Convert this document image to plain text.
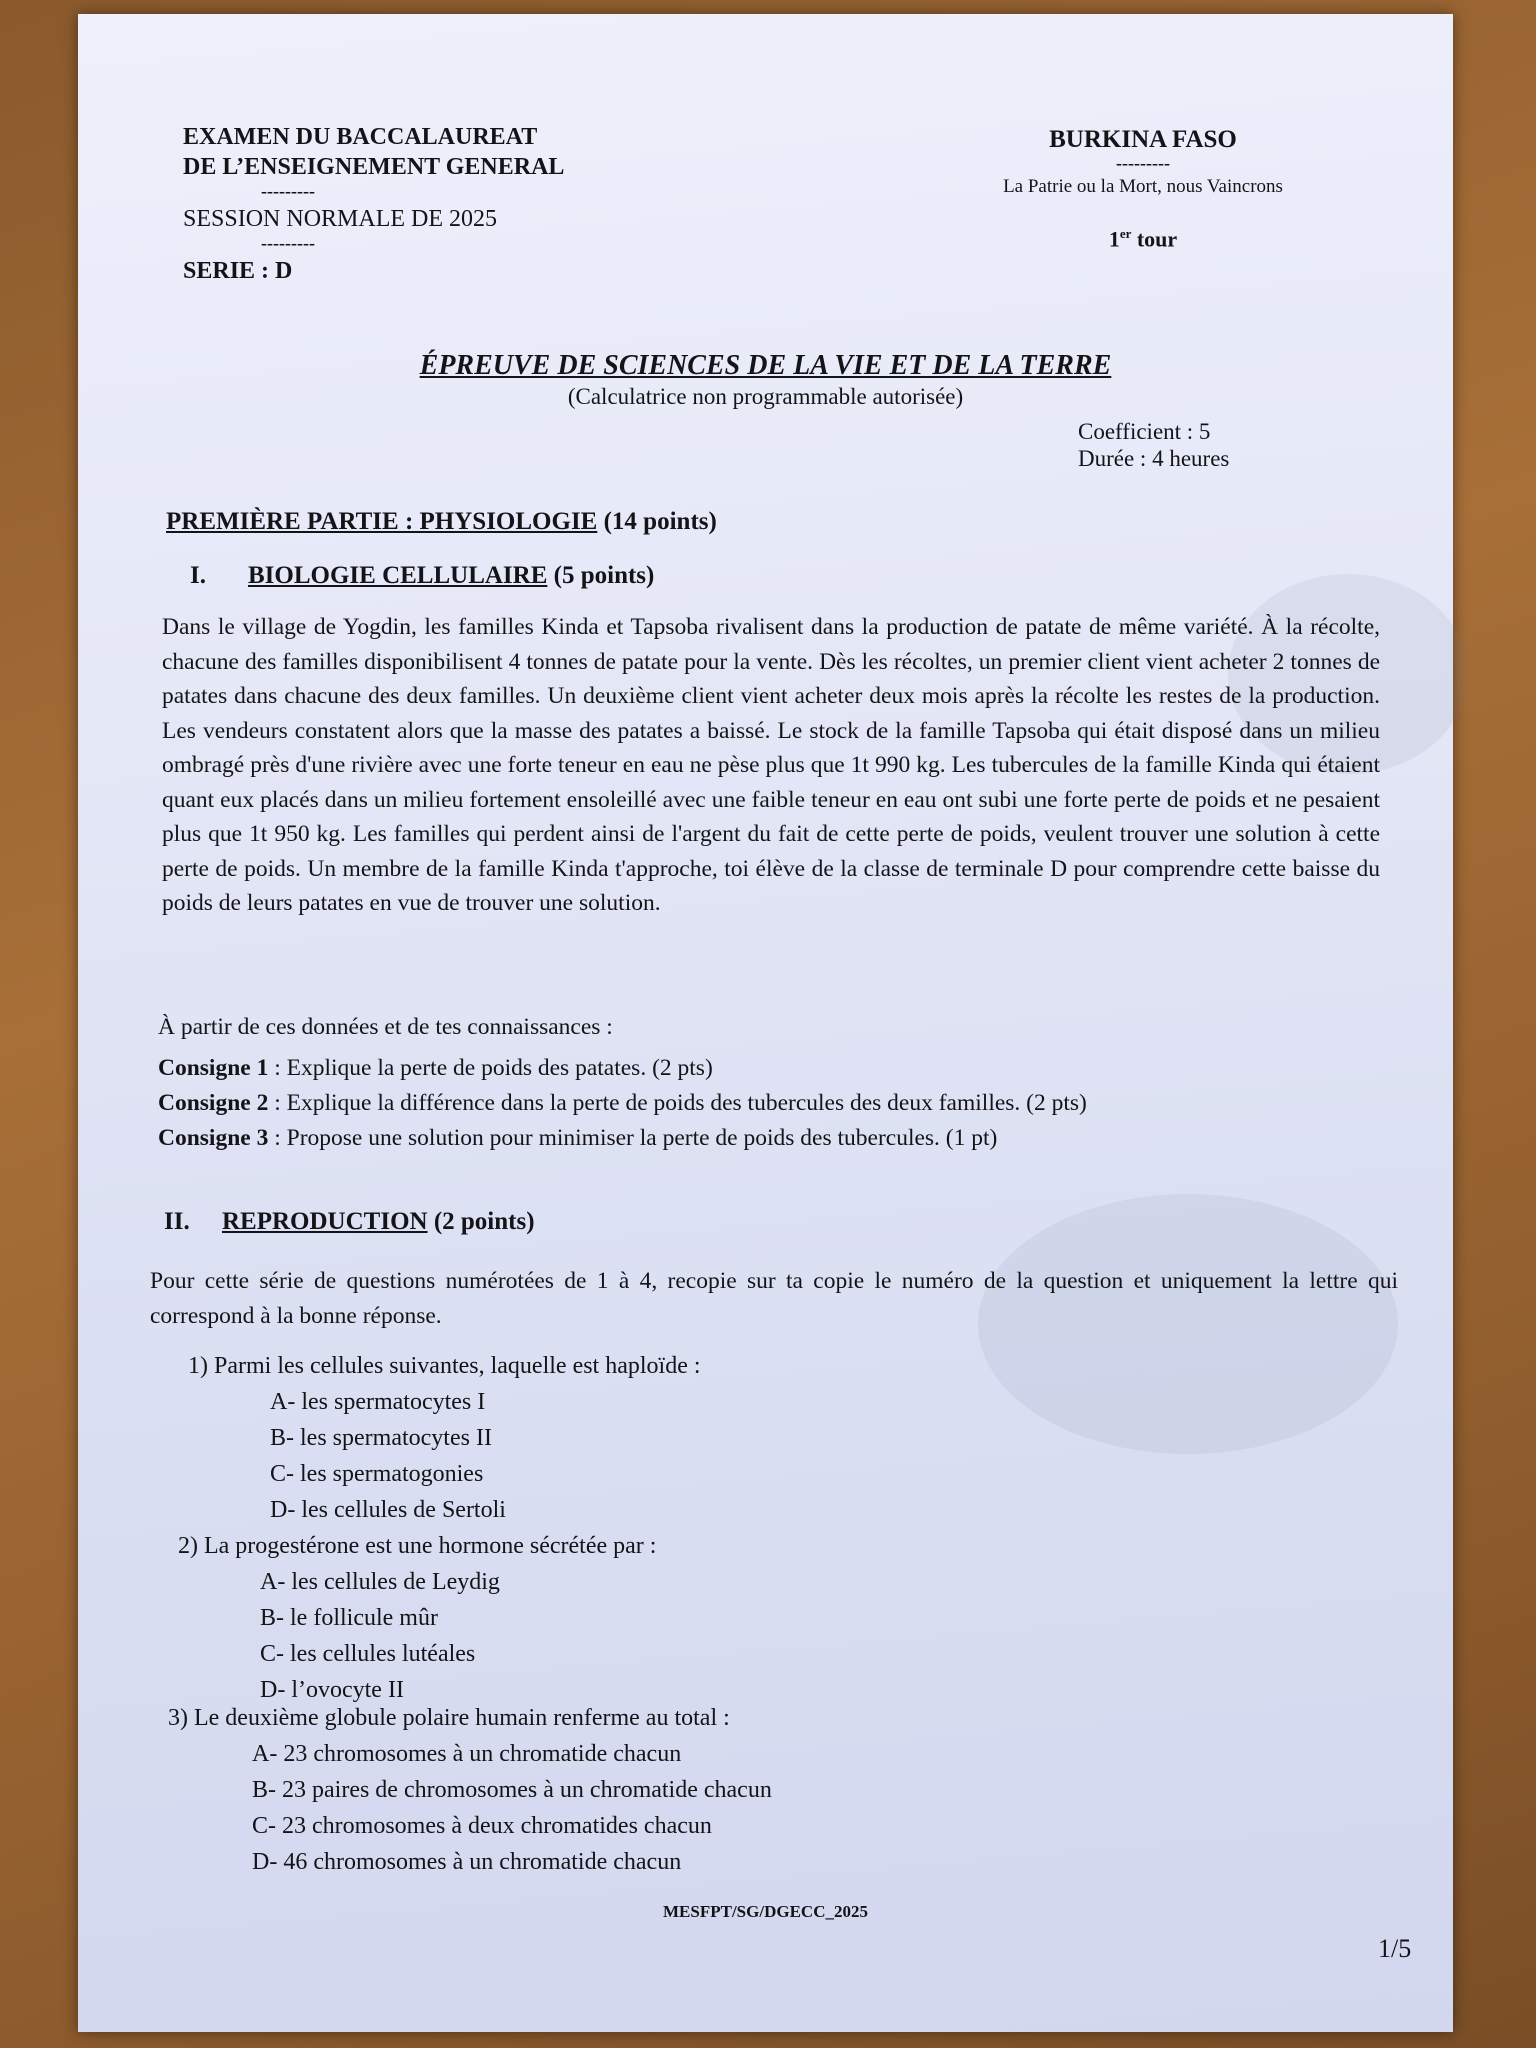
EXAMEN DU BACCALAUREAT
DE L’ENSEIGNEMENT GENERAL
---------
SESSION NORMALE DE 2025
---------
SERIE : D
BURKINA FASO
---------
La Patrie ou la Mort, nous Vaincrons
1er tour
ÉPREUVE DE SCIENCES DE LA VIE ET DE LA TERRE
(Calculatrice non programmable autorisée)
Coefficient : 5
Durée : 4 heures
PREMIÈRE PARTIE : PHYSIOLOGIE (14 points)
I. BIOLOGIE CELLULAIRE (5 points)
Dans le village de Yogdin, les familles Kinda et Tapsoba rivalisent dans la production de patate de même variété. À la récolte, chacune des familles disponibilisent 4 tonnes de patate pour la vente. Dès les récoltes, un premier client vient acheter 2 tonnes de patates dans chacune des deux familles. Un deuxième client vient acheter deux mois après la récolte les restes de la production. Les vendeurs constatent alors que la masse des patates a baissé. Le stock de la famille Tapsoba qui était disposé dans un milieu ombragé près d'une rivière avec une forte teneur en eau ne pèse plus que 1t 990 kg. Les tubercules de la famille Kinda qui étaient quant eux placés dans un milieu fortement ensoleillé avec une faible teneur en eau ont subi une forte perte de poids et ne pesaient plus que 1t 950 kg. Les familles qui perdent ainsi de l'argent du fait de cette perte de poids, veulent trouver une solution à cette perte de poids. Un membre de la famille Kinda t'approche, toi élève de la classe de terminale D pour comprendre cette baisse du poids de leurs patates en vue de trouver une solution.
À partir de ces données et de tes connaissances :
Consigne 1 : Explique la perte de poids des patates. (2 pts)
Consigne 2 : Explique la différence dans la perte de poids des tubercules des deux familles. (2 pts)
Consigne 3 : Propose une solution pour minimiser la perte de poids des tubercules. (1 pt)
II. REPRODUCTION (2 points)
Pour cette série de questions numérotées de 1 à 4, recopie sur ta copie le numéro de la question et uniquement la lettre qui correspond à la bonne réponse.
1) Parmi les cellules suivantes, laquelle est haploïde :
A- les spermatocytes I
B- les spermatocytes II
C- les spermatogonies
D- les cellules de Sertoli
2) La progestérone est une hormone sécrétée par :
A- les cellules de Leydig
B- le follicule mûr
C- les cellules lutéales
D- l’ovocyte II
3) Le deuxième globule polaire humain renferme au total :
A- 23 chromosomes à un chromatide chacun
B- 23 paires de chromosomes à un chromatide chacun
C- 23 chromosomes à deux chromatides chacun
D- 46 chromosomes à un chromatide chacun
MESFPT/SG/DGECC_2025
1/5
